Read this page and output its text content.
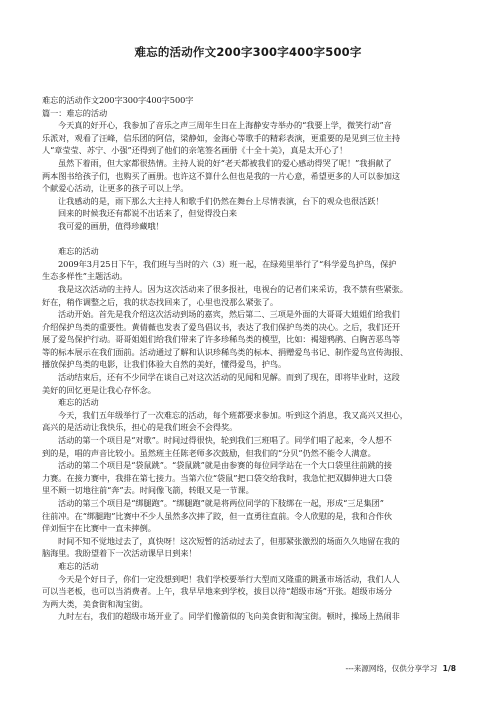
难忘的活动作文200字300字400字500字
难忘的活动作文200字300字400字500字
篇一：难忘的活动
今天真的好开心，我参加了音乐之声三周年生日在上海静安寺举办的“我要上学，微笑行动”音
乐派对，观看了汪峰，信乐团的阿信，梁静如，金海心等歌手的精彩表演，更重要的是见到三位主持
人“章莹莹、苏宁、小强”还得到了他们的亲笔签名画册《十全十美》，真是太开心了！
虽然下着雨，但大家都很热情。主持人说的好“老天都被我们的爱心感动得哭了呢！”我捐献了
两本图书给孩子们，也购买了画册。也许这不算什么但也是我的一片心意，希望更多的人可以参加这
个献爱心活动，让更多的孩子可以上学。
让我感动的是，雨下那么大主持人和歌手们仍然在舞台上尽情表演，台下的观众也很活跃！
回来的时候我还有都说不出话来了，但觉得没白来
我可爱的画册，值得珍藏哦！
难忘的活动
2009年3月25日下午，我们班与当时的六（3）班一起，在绿苑里举行了“科学爱鸟护鸟，保护
生态多样性”主题活动。
我是这次活动的主持人。因为这次活动来了很多报社，电视台的记者们来采访，我不禁有些紧张。
好在，稍作调整之后，我的状态找回来了，心里也没那么紧张了。
活动开始。首先是我介绍这次活动到场的嘉宾，然后第二、三项是外面的大哥哥大姐姐们给我们
介绍保护鸟类的重要性。黄倩薇也发表了爱鸟倡议书，表达了我们保护鸟类的决心。之后，我们还开
展了爱鸟保护行动。哥哥姐姐们给我们带来了许多珍稀鸟类的模型，比如：褐翅鸦鹃、白胸苦恶鸟等
等的标本展示在我们面前。活动通过了解和认识珍稀鸟类的标本、捐赠爱鸟书记、制作爱鸟宣传海报、
播放保护鸟类的电影，让我们体验大自然的美好，懂得爱鸟，护鸟。
活动结束后，还有不少同学在谈自己对这次活动的见闻和见解。而到了现在，即将毕业时，这段
美好的回忆更是让我心存怀念。
难忘的活动
今天，我们五年级举行了一次难忘的活动，每个班都要求参加。听到这个消息，我又高兴又担心，
高兴的是活动让我快乐，担心的是我们班会不会得奖。
活动的第一个项目是“对歌”。时间过得很快，轮到我们三班唱了。同学们唱了起来，令人想不
到的是，唱的声音比较小。虽然班主任陈老师多次鼓励，但我们的“分贝”仍然不能令人满意。
活动的第二个项目是“袋鼠跳”。“袋鼠跳”就是由参赛的每位同学站在一个大口袋里往前跳的接
力赛。在接力赛中，我排在第七接力。当第六位“袋鼠”把口袋交给我时，我急忙把双脚伸进大口袋
里不顾一切地往前“奔”去。时间像飞箭，转眼又是一节课。
活动的第三个项目是“绑腿跑”。“绑腿跑”就是将两位同学的下肢绑在一起，形成“三足集团”
往前冲。在“绑腿跑”比赛中不少人虽然多次摔了跤，但一直勇往直前。令人欣慰的是，我和合作伙
伴刘恒宇在比赛中一直未摔倒。
时间不知不觉地过去了，真快呀！这次短暂的活动过去了，但那紧张激烈的场面久久地留在我的
脑海里。我盼望着下一次活动课早日到来！
难忘的活动
今天是个好日子，你们一定没想到吧！我们学校要举行大型而又隆重的跳蚤市场活动，我们人人
可以当老板，也可以当消费者。上午，我早早地来到学校，拔目以待“超级市场”开张。超级市场分
为两大类，美食街和淘宝街。
九时左右，我们的超级市场开业了。同学们像箭似的飞向美食街和淘宝街。顿时，操场上热闹非
---来源网络，仅供分享学习 1/8
